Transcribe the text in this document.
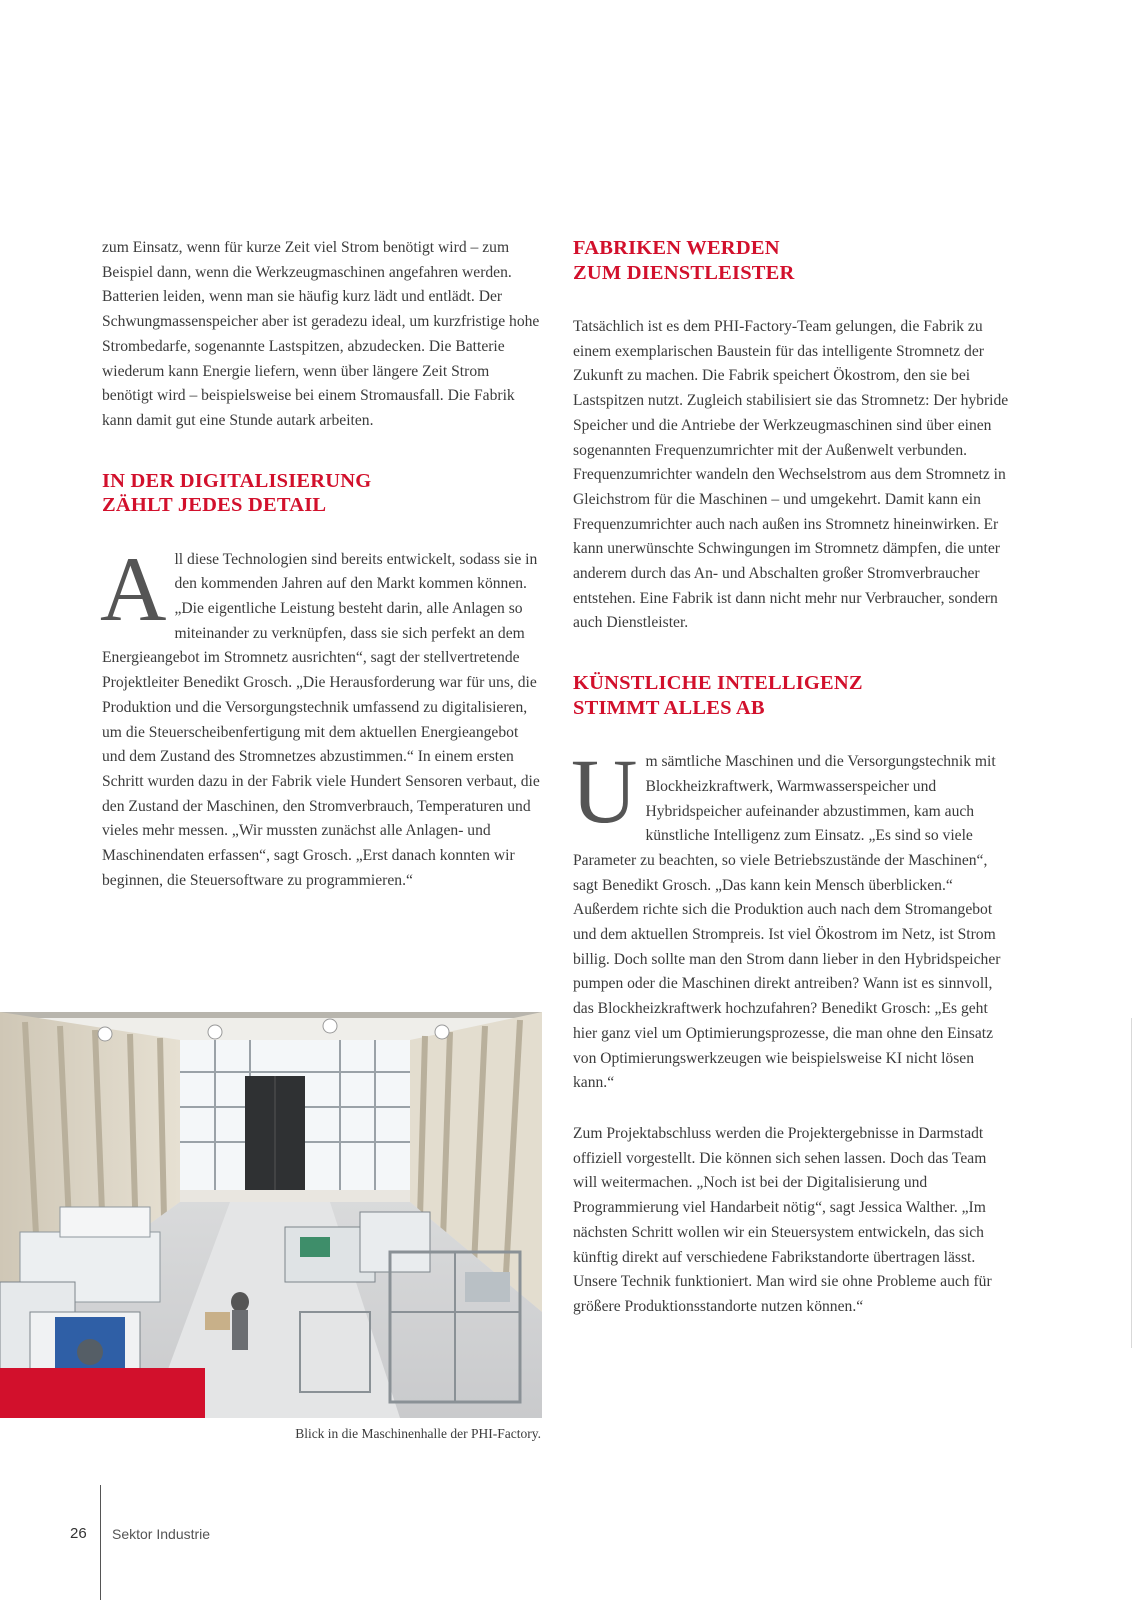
zum Einsatz, wenn für kurze Zeit viel Strom benötigt wird – zum Beispiel dann, wenn die Werkzeugmaschinen angefahren werden. Batterien leiden, wenn man sie häufig kurz lädt und entlädt. Der Schwungmassenspeicher aber ist geradezu ideal, um kurzfristige hohe Strombedarfe, sogenannte Lastspitzen, abzudecken. Die Batterie wiederum kann Energie liefern, wenn über längere Zeit Strom benötigt wird – beispielsweise bei einem Stromausfall. Die Fabrik kann damit gut eine Stunde autark arbeiten.

IN DER DIGITALISIERUNG
ZÄHLT JEDES DETAIL

All diese Technologien sind bereits entwickelt, sodass sie in den kommenden Jahren auf den Markt kommen können. „Die eigentliche Leistung besteht darin, alle Anlagen so miteinander zu verknüpfen, dass sie sich perfekt an dem Energieangebot im Stromnetz ausrichten“, sagt der stellvertretende Projektleiter Benedikt Grosch. „Die Herausforderung war für uns, die Produktion und die Versorgungstechnik umfassend zu digitalisieren, um die Steuerscheibenfertigung mit dem aktuellen Energieangebot und dem Zustand des Stromnetzes abzustimmen.“ In einem ersten Schritt wurden dazu in der Fabrik viele Hundert Sensoren verbaut, die den Zustand der Maschinen, den Stromverbrauch, Temperaturen und vieles mehr messen. „Wir mussten zunächst alle Anlagen- und Maschinendaten erfassen“, sagt Grosch. „Erst danach konnten wir beginnen, die Steuersoftware zu programmieren.“

FABRIKEN WERDEN
ZUM DIENSTLEISTER

Tatsächlich ist es dem PHI-Factory-Team gelungen, die Fabrik zu einem exemplarischen Baustein für das intelligente Stromnetz der Zukunft zu machen. Die Fabrik speichert Ökostrom, den sie bei Lastspitzen nutzt. Zugleich stabilisiert sie das Stromnetz: Der hybride Speicher und die Antriebe der Werkzeugmaschinen sind über einen sogenannten Frequenzumrichter mit der Außenwelt verbunden. Frequenzumrichter wandeln den Wechselstrom aus dem Stromnetz in Gleichstrom für die Maschinen – und umgekehrt. Damit kann ein Frequenzumrichter auch nach außen ins Stromnetz hineinwirken. Er kann unerwünschte Schwingungen im Stromnetz dämpfen, die unter anderem durch das An- und Abschalten großer Stromverbraucher entstehen. Eine Fabrik ist dann nicht mehr nur Verbraucher, sondern auch Dienstleister.

KÜNSTLICHE INTELLIGENZ
STIMMT ALLES AB

Um sämtliche Maschinen und die Versorgungstechnik mit Blockheizkraftwerk, Warmwasserspeicher und Hybridspeicher aufeinander abzustimmen, kam auch künstliche Intelligenz zum Einsatz. „Es sind so viele Parameter zu beachten, so viele Betriebszustände der Maschinen“, sagt Benedikt Grosch. „Das kann kein Mensch überblicken.“ Außerdem richte sich die Produktion auch nach dem Stromangebot und dem aktuellen Strompreis. Ist viel Ökostrom im Netz, ist Strom billig. Doch sollte man den Strom dann lieber in den Hybridspeicher pumpen oder die Maschinen direkt antreiben? Wann ist es sinnvoll, das Blockheizkraftwerk hochzufahren? Benedikt Grosch: „Es geht hier ganz viel um Optimierungsprozesse, die man ohne den Einsatz von Optimierungswerkzeugen wie beispielsweise KI nicht lösen kann.“

Zum Projektabschluss werden die Projektergebnisse in Darmstadt offiziell vorgestellt. Die können sich sehen lassen. Doch das Team will weitermachen. „Noch ist bei der Digitalisierung und Programmierung viel Handarbeit nötig“, sagt Jessica Walther. „Im nächsten Schritt wollen wir ein Steuersystem entwickeln, das sich künftig direkt auf verschiedene Fabrikstandorte übertragen lässt. Unsere Technik funktioniert. Man wird sie ohne Probleme auch für größere Produktionsstandorte nutzen können.“

Blick in die Maschinenhalle der PHI-Factory.
26 Sektor Industrie
